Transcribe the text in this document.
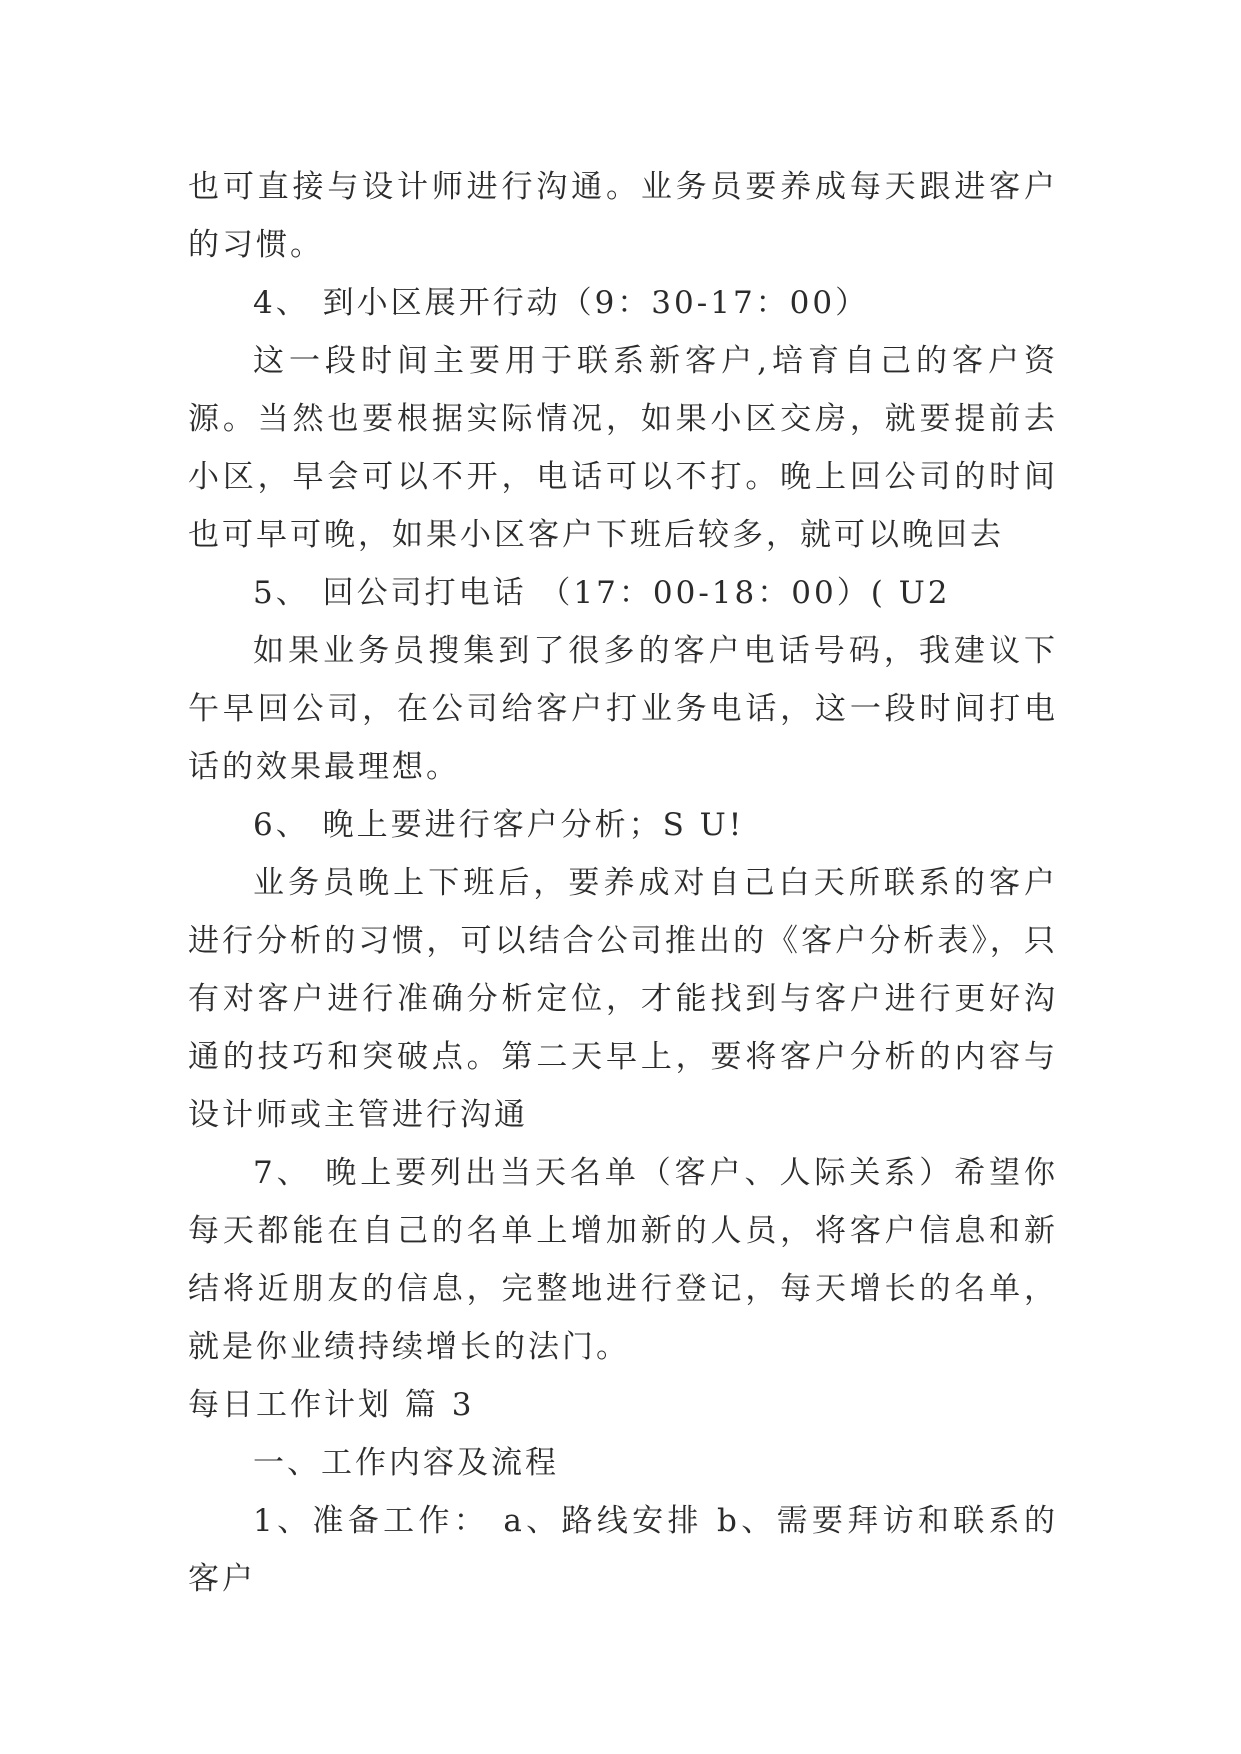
也可直接与设计师进行沟通。业务员要养成每天跟进客户的习惯。

4、 到小区展开行动（9：30-17：00）

这一段时间主要用于联系新客户,培育自己的客户资源。当然也要根据实际情况，如果小区交房，就要提前去小区，早会可以不开，电话可以不打。晚上回公司的时间也可早可晚，如果小区客户下班后较多，就可以晚回去

5、 回公司打电话 （17：00-18：00）( U2

如果业务员搜集到了很多的客户电话号码，我建议下午早回公司，在公司给客户打业务电话，这一段时间打电话的效果最理想。

6、 晚上要进行客户分析；S U!

业务员晚上下班后，要养成对自己白天所联系的客户进行分析的习惯，可以结合公司推出的《客户分析表》，只有对客户进行准确分析定位，才能找到与客户进行更好沟通的技巧和突破点。第二天早上，要将客户分析的内容与设计师或主管进行沟通

7、 晚上要列出当天名单（客户、人际关系）希望你每天都能在自己的名单上增加新的人员，将客户信息和新结将近朋友的信息，完整地进行登记，每天增长的名单，就是你业绩持续增长的法门。

每日工作计划 篇 3

一、工作内容及流程

1、准备工作： a、路线安排 b、需要拜访和联系的客户
